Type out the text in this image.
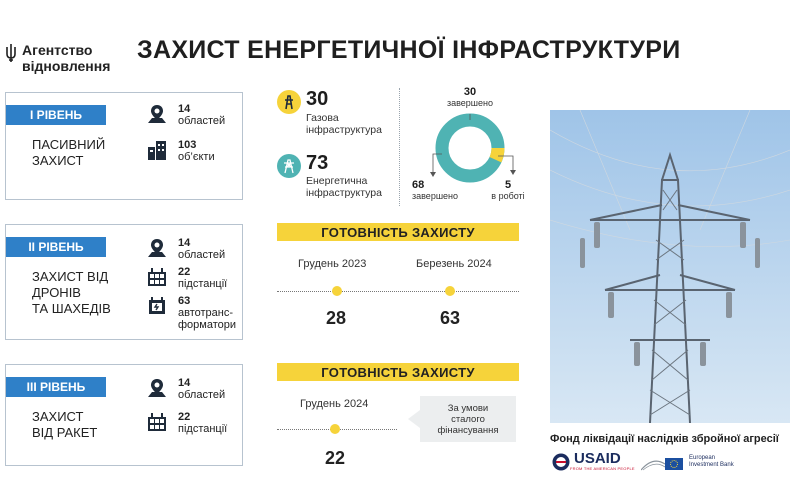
Агентство
відновлення
ЗАХИСТ ЕНЕРГЕТИЧНОЇ ІНФРАСТРУКТУРИ
I РІВЕНЬ
ПАСИВНИЙ
ЗАХИСТ
14
областей
103
об’єкти
II РІВЕНЬ
ЗАХИСТ ВІД
ДРОНІВ
ТА ШАХЕДІВ
14
областей
22
підстанції
63
автотранс-
форматори
III РІВЕНЬ
ЗАХИСТ
ВІД РАКЕТ
14
областей
22
підстанції
30
Газова
інфраструктура
73
Енергетична
інфраструктура
30
завершено
68
завершено
5
в роботі
ГОТОВНІСТЬ ЗАХИСТУ
Грудень 2023	Березень 2024
28	63
ГОТОВНІСТЬ ЗАХИСТУ
Грудень 2024
22
За умови
сталого
фінансування
Фонд ліквідації наслідків збройної агресії
USAID
FROM THE AMERICAN PEOPLE
European
Investment Bank
